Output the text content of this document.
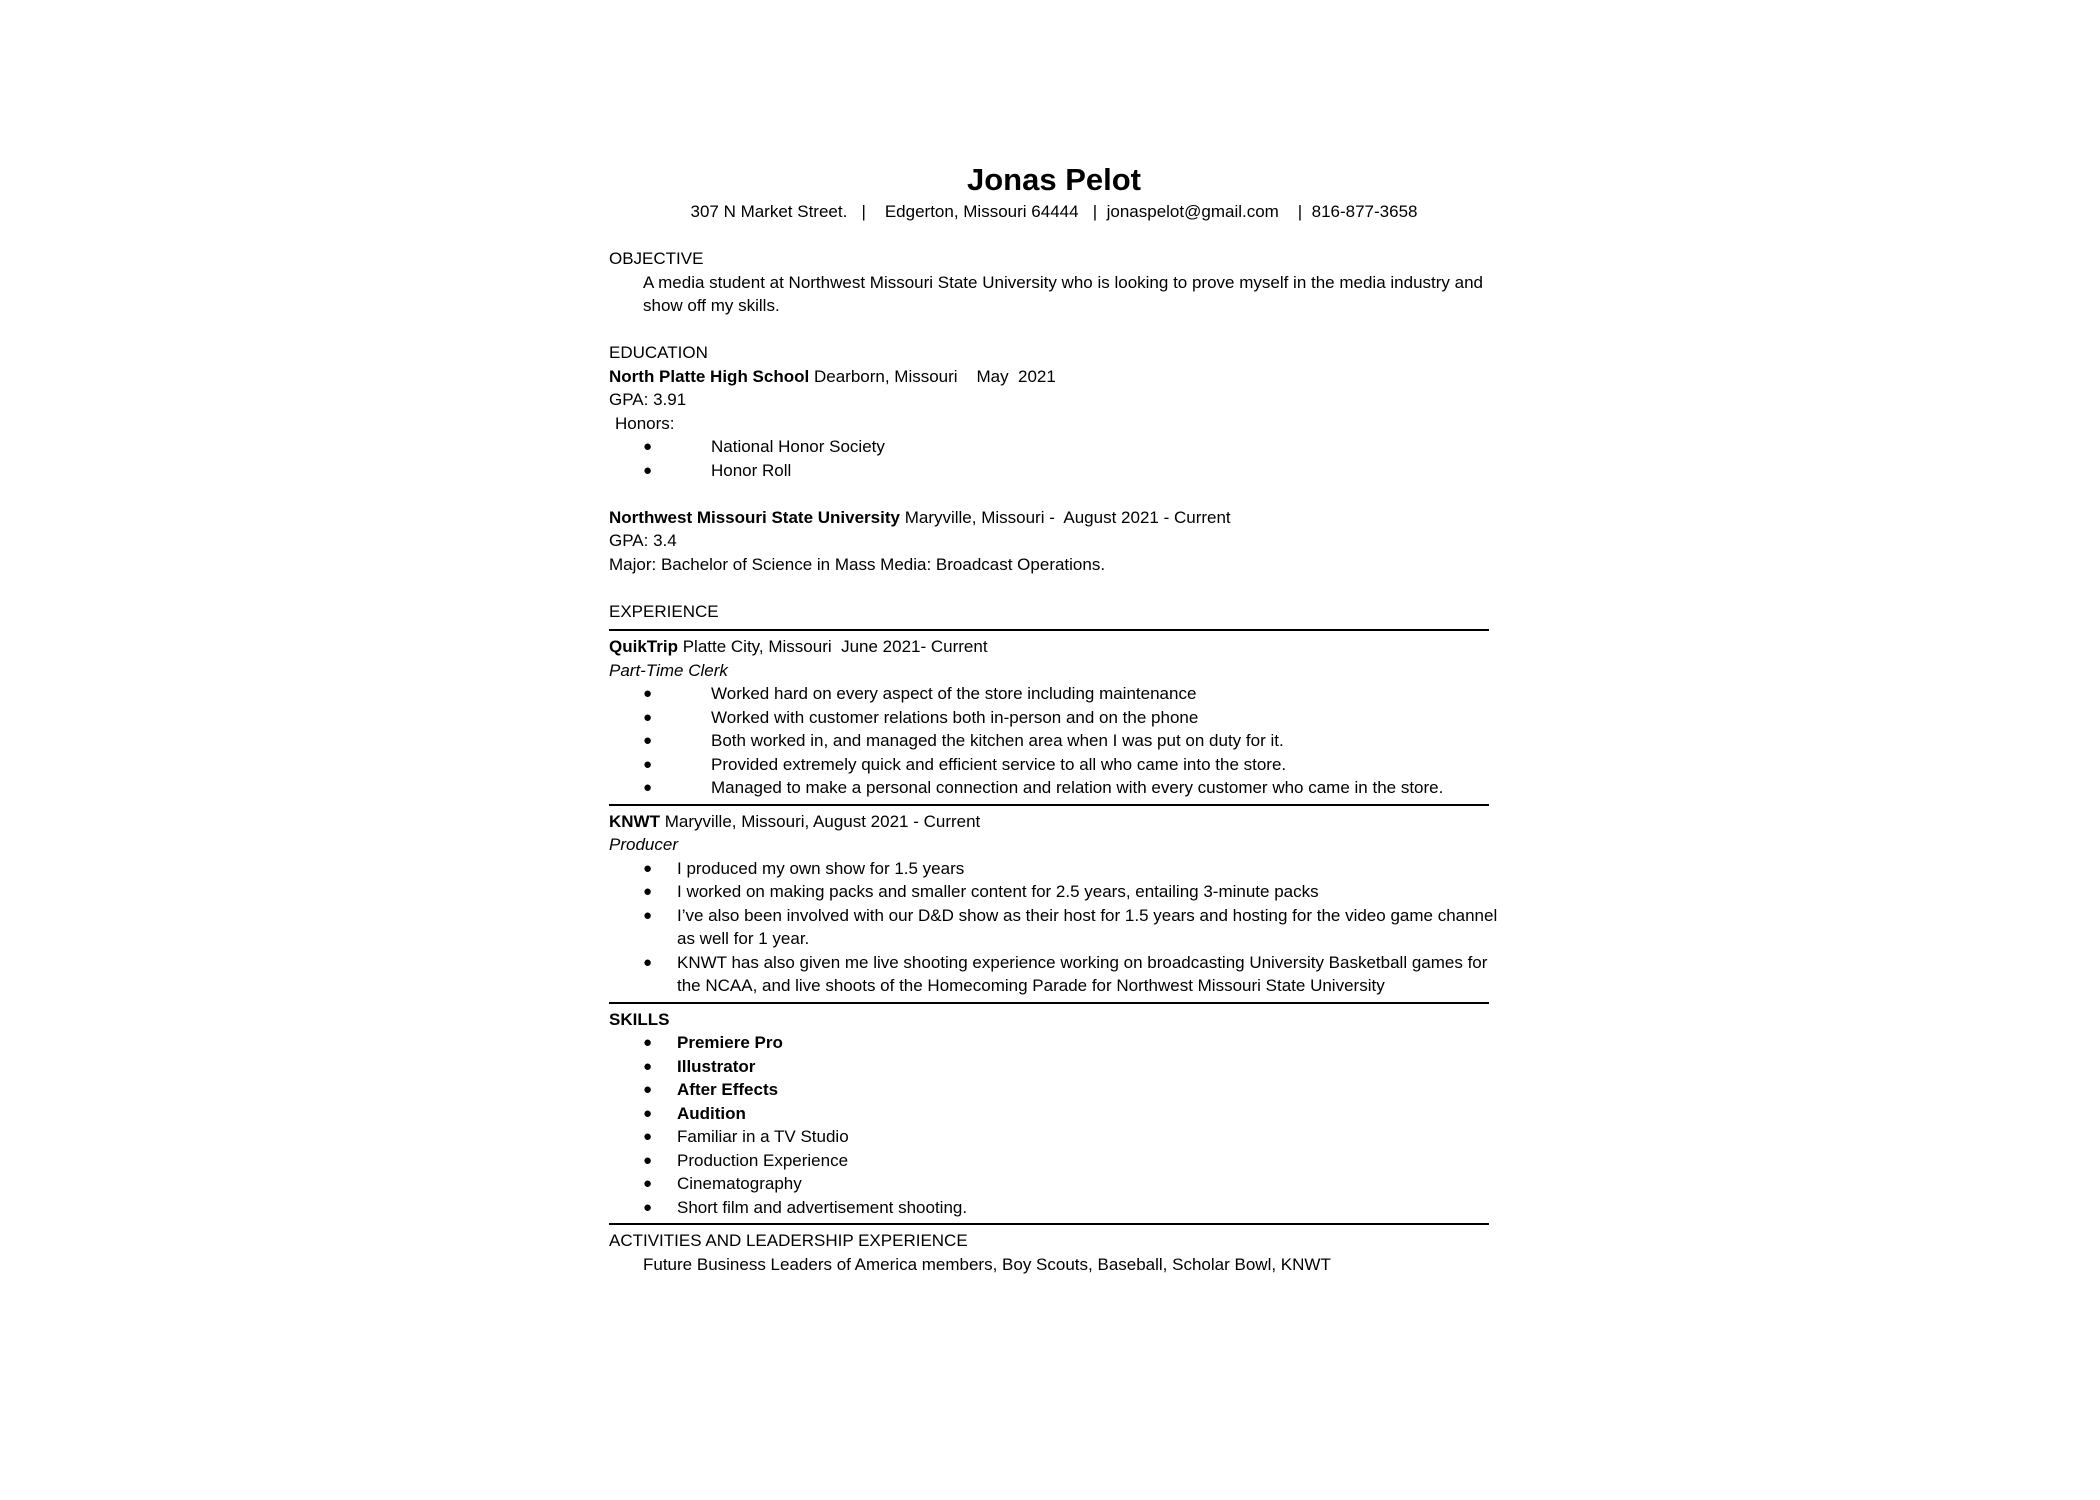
Jonas Pelot
307 N Market Street. | Edgerton, Missouri 64444 | jonaspelot@gmail.com | 816-877-3658
OBJECTIVE
A media student at Northwest Missouri State University who is looking to prove myself in the media industry and show off my skills.
EDUCATION
North Platte High School Dearborn, Missouri    May  2021
GPA: 3.91
Honors:
●	National Honor Society
●	Honor Roll
Northwest Missouri State University Maryville, Missouri -  August 2021 - Current
GPA: 3.4
Major: Bachelor of Science in Mass Media: Broadcast Operations.
EXPERIENCE
QuikTrip Platte City, Missouri  June 2021- Current
Part-Time Clerk
●	Worked hard on every aspect of the store including maintenance
●	Worked with customer relations both in-person and on the phone
●	Both worked in, and managed the kitchen area when I was put on duty for it.
●	Provided extremely quick and efficient service to all who came into the store.
●	Managed to make a personal connection and relation with every customer who came in the store.
KNWT Maryville, Missouri, August 2021 - Current
Producer
● I produced my own show for 1.5 years
● I worked on making packs and smaller content for 2.5 years, entailing 3-minute packs
● I’ve also been involved with our D&D show as their host for 1.5 years and hosting for the video game channel as well for 1 year.
● KNWT has also given me live shooting experience working on broadcasting University Basketball games for the NCAA, and live shoots of the Homecoming Parade for Northwest Missouri State University
SKILLS
● Premiere Pro
● Illustrator
● After Effects
● Audition
● Familiar in a TV Studio
● Production Experience
● Cinematography
● Short film and advertisement shooting.
ACTIVITIES AND LEADERSHIP EXPERIENCE
Future Business Leaders of America members, Boy Scouts, Baseball, Scholar Bowl, KNWT
